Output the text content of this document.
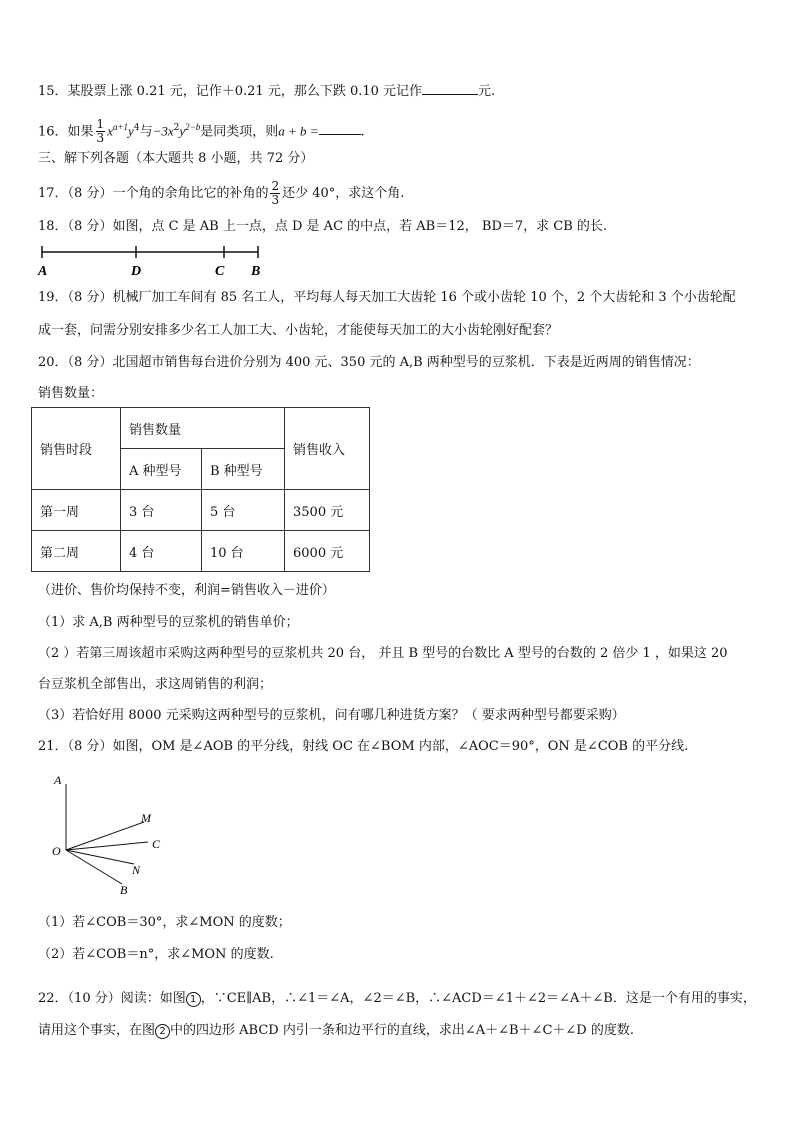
15．某股票上涨 0.21 元，记作＋0.21 元，那么下跌 0.10 元记作	元.
16．如果 $\frac{1}{3} x^{a+1}y^4$与$-3x^2y^{2-b}$是同类项，则a + b =	.
三、解下列各题（本大题共 8 小题，共 72 分）
17．（8 分）一个角的余角比它的补角的 $\frac{2}{3}$ 还少 40°，求这个角.
18．（8 分）如图，点 C 是 AB 上一点，点 D 是 AC 的中点，若 AB＝12， BD＝7，求 CB 的长.
A	D	C B
19．（8 分）机械厂加工车间有 85 名工人，平均每人每天加工大齿轮 16 个或小齿轮 10 个，2 个大齿轮和 3 个小齿轮配
成一套，问需分别安排多少名工人加工大、小齿轮，才能使每天加工的大小齿轮刚好配套？
20．（8 分）北国超市销售每台进价分别为 400 元、350 元的 A,B 两种型号的豆浆机．下表是近两周的销售情况：
销售数量：
销售时段	销售数量		销售收入
	A 种型号	B 种型号	
第一周	3 台	5 台	3500 元
第二周	4 台	10 台	6000 元
（进价、售价均保持不变，利润=销售收入－进价）
（1）求 A,B 两种型号的豆浆机的销售单价；
（2 ）若第三周该超市采购这两种型号的豆浆机共 20 台， 并且 B 型号的台数比 A 型号的台数的 2 倍少 1 ，如果这 20
台豆浆机全部售出，求这周销售的利润；
（3）若恰好用 8000 元采购这两种型号的豆浆机，问有哪几种进货方案？（ 要求两种型号都要采购）
21．（8 分）如图，OM 是∠AOB 的平分线，射线 OC 在∠BOM 内部，∠AOC＝90°，ON 是∠COB 的平分线.
A
M
O	C
N
B
（1）若∠COB＝30°，求∠MON 的度数；
（2）若∠COB＝n°，求∠MON 的度数.
22．（10 分）阅读：如图 1 ，∵CE∥AB，∴∠1＝∠A，∠2＝∠B，∴∠ACD＝∠1＋∠2＝∠A＋∠B．这是一个有用的事实，
请用这个事实，在图 2 中的四边形 ABCD 内引一条和边平行的直线，求出∠A＋∠B＋∠C＋∠D 的度数.
